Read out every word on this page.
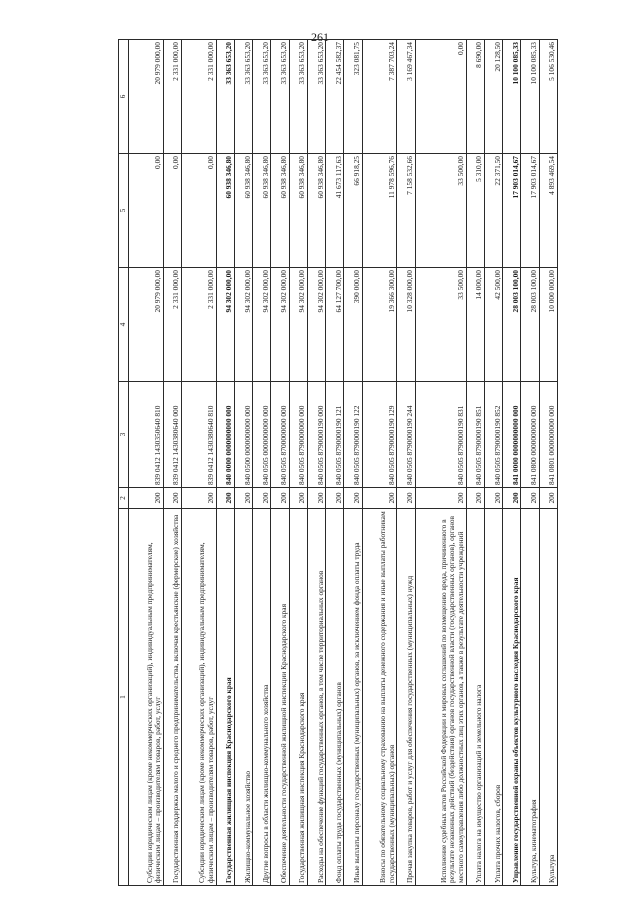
261
1	2	3	4	5	6
Субсидии юридическим лицам (кроме некоммерческих организаций), индивидуальным предпринимателям, физическим лицам – производителям товаров, работ, услуг	200	839 0412 1430350640 810	20 979 000,00	0,00	20 979 000,00
Государственная поддержка малого и среднего предпринимательства, включая крестьянские (фермерские) хозяйства	200	839 0412 1430380640 000	2 331 000,00	0,00	2 331 000,00
Субсидии юридическим лицам (кроме некоммерческих организаций), индивидуальным предпринимателям, физическим лицам – производителям товаров, работ, услуг	200	839 0412 1430380640 810	2 331 000,00	0,00	2 331 000,00
Государственная жилищная инспекция Краснодарского края	200	840 0000 0000000000 000	94 302 000,00	60 938 346,80	33 363 653,20
Жилищно-коммунальное хозяйство	200	840 0500 0000000000 000	94 302 000,00	60 938 346,80	33 363 653,20
Другие вопросы в области жилищно-коммунального хозяйства	200	840 0505 0000000000 000	94 302 000,00	60 938 346,80	33 363 653,20
Обеспечение деятельности государственной жилищной инспекции Краснодарского края	200	840 0505 8700000000 000	94 302 000,00	60 938 346,80	33 363 653,20
Государственная жилищная инспекция Краснодарского края	200	840 0505 8790000000 000	94 302 000,00	60 938 346,80	33 363 653,20
Расходы на обеспечение функций государственных органов, в том числе территориальных органов	200	840 0505 8790000190 000	94 302 000,00	60 938 346,80	33 363 653,20
Фонд оплаты труда государственных (муниципальных) органов	200	840 0505 8790000190 121	64 127 700,00	41 673 117,63	22 454 582,37
Иные выплаты персоналу государственных (муниципальных) органов, за исключением фонда оплаты труда	200	840 0505 8790000190 122	390 000,00	66 918,25	323 081,75
Взносы по обязательному социальному страхованию на выплаты денежного содержания и иные выплаты работникам государственных (муниципальных) органов	200	840 0505 8790000190 129	19 366 300,00	11 978 596,76	7 387 703,24
Прочая закупка товаров, работ и услуг для обеспечения государственных (муниципальных) нужд	200	840 0505 8790000190 244	10 328 000,00	7 158 532,66	3 169 467,34
Исполнение судебных актов Российской Федерации и мировых соглашений по возмещению вреда, причиненного в результате незаконных действий (бездействия) органов государственной власти (государственных органов), органов местного самоуправления либо должностных лиц этих органов, а также в результате деятельности учреждений	200	840 0505 8790000190 831	33 500,00	33 500,00	0,00
Уплата налога на имущество организаций и земельного налога	200	840 0505 8790000190 851	14 000,00	5 310,00	8 690,00
Уплата прочих налогов, сборов	200	840 0505 8790000190 852	42 500,00	22 371,50	20 128,50
Управление государственной охраны объектов культурного наследия Краснодарского края	200	841 0000 0000000000 000	28 003 100,00	17 903 014,67	10 100 085,33
Культура, кинематография	200	841 0800 0000000000 000	28 003 100,00	17 903 014,67	10 100 085,33
Культура	200	841 0801 0000000000 000	10 000 000,00	4 893 469,54	5 106 530,46
